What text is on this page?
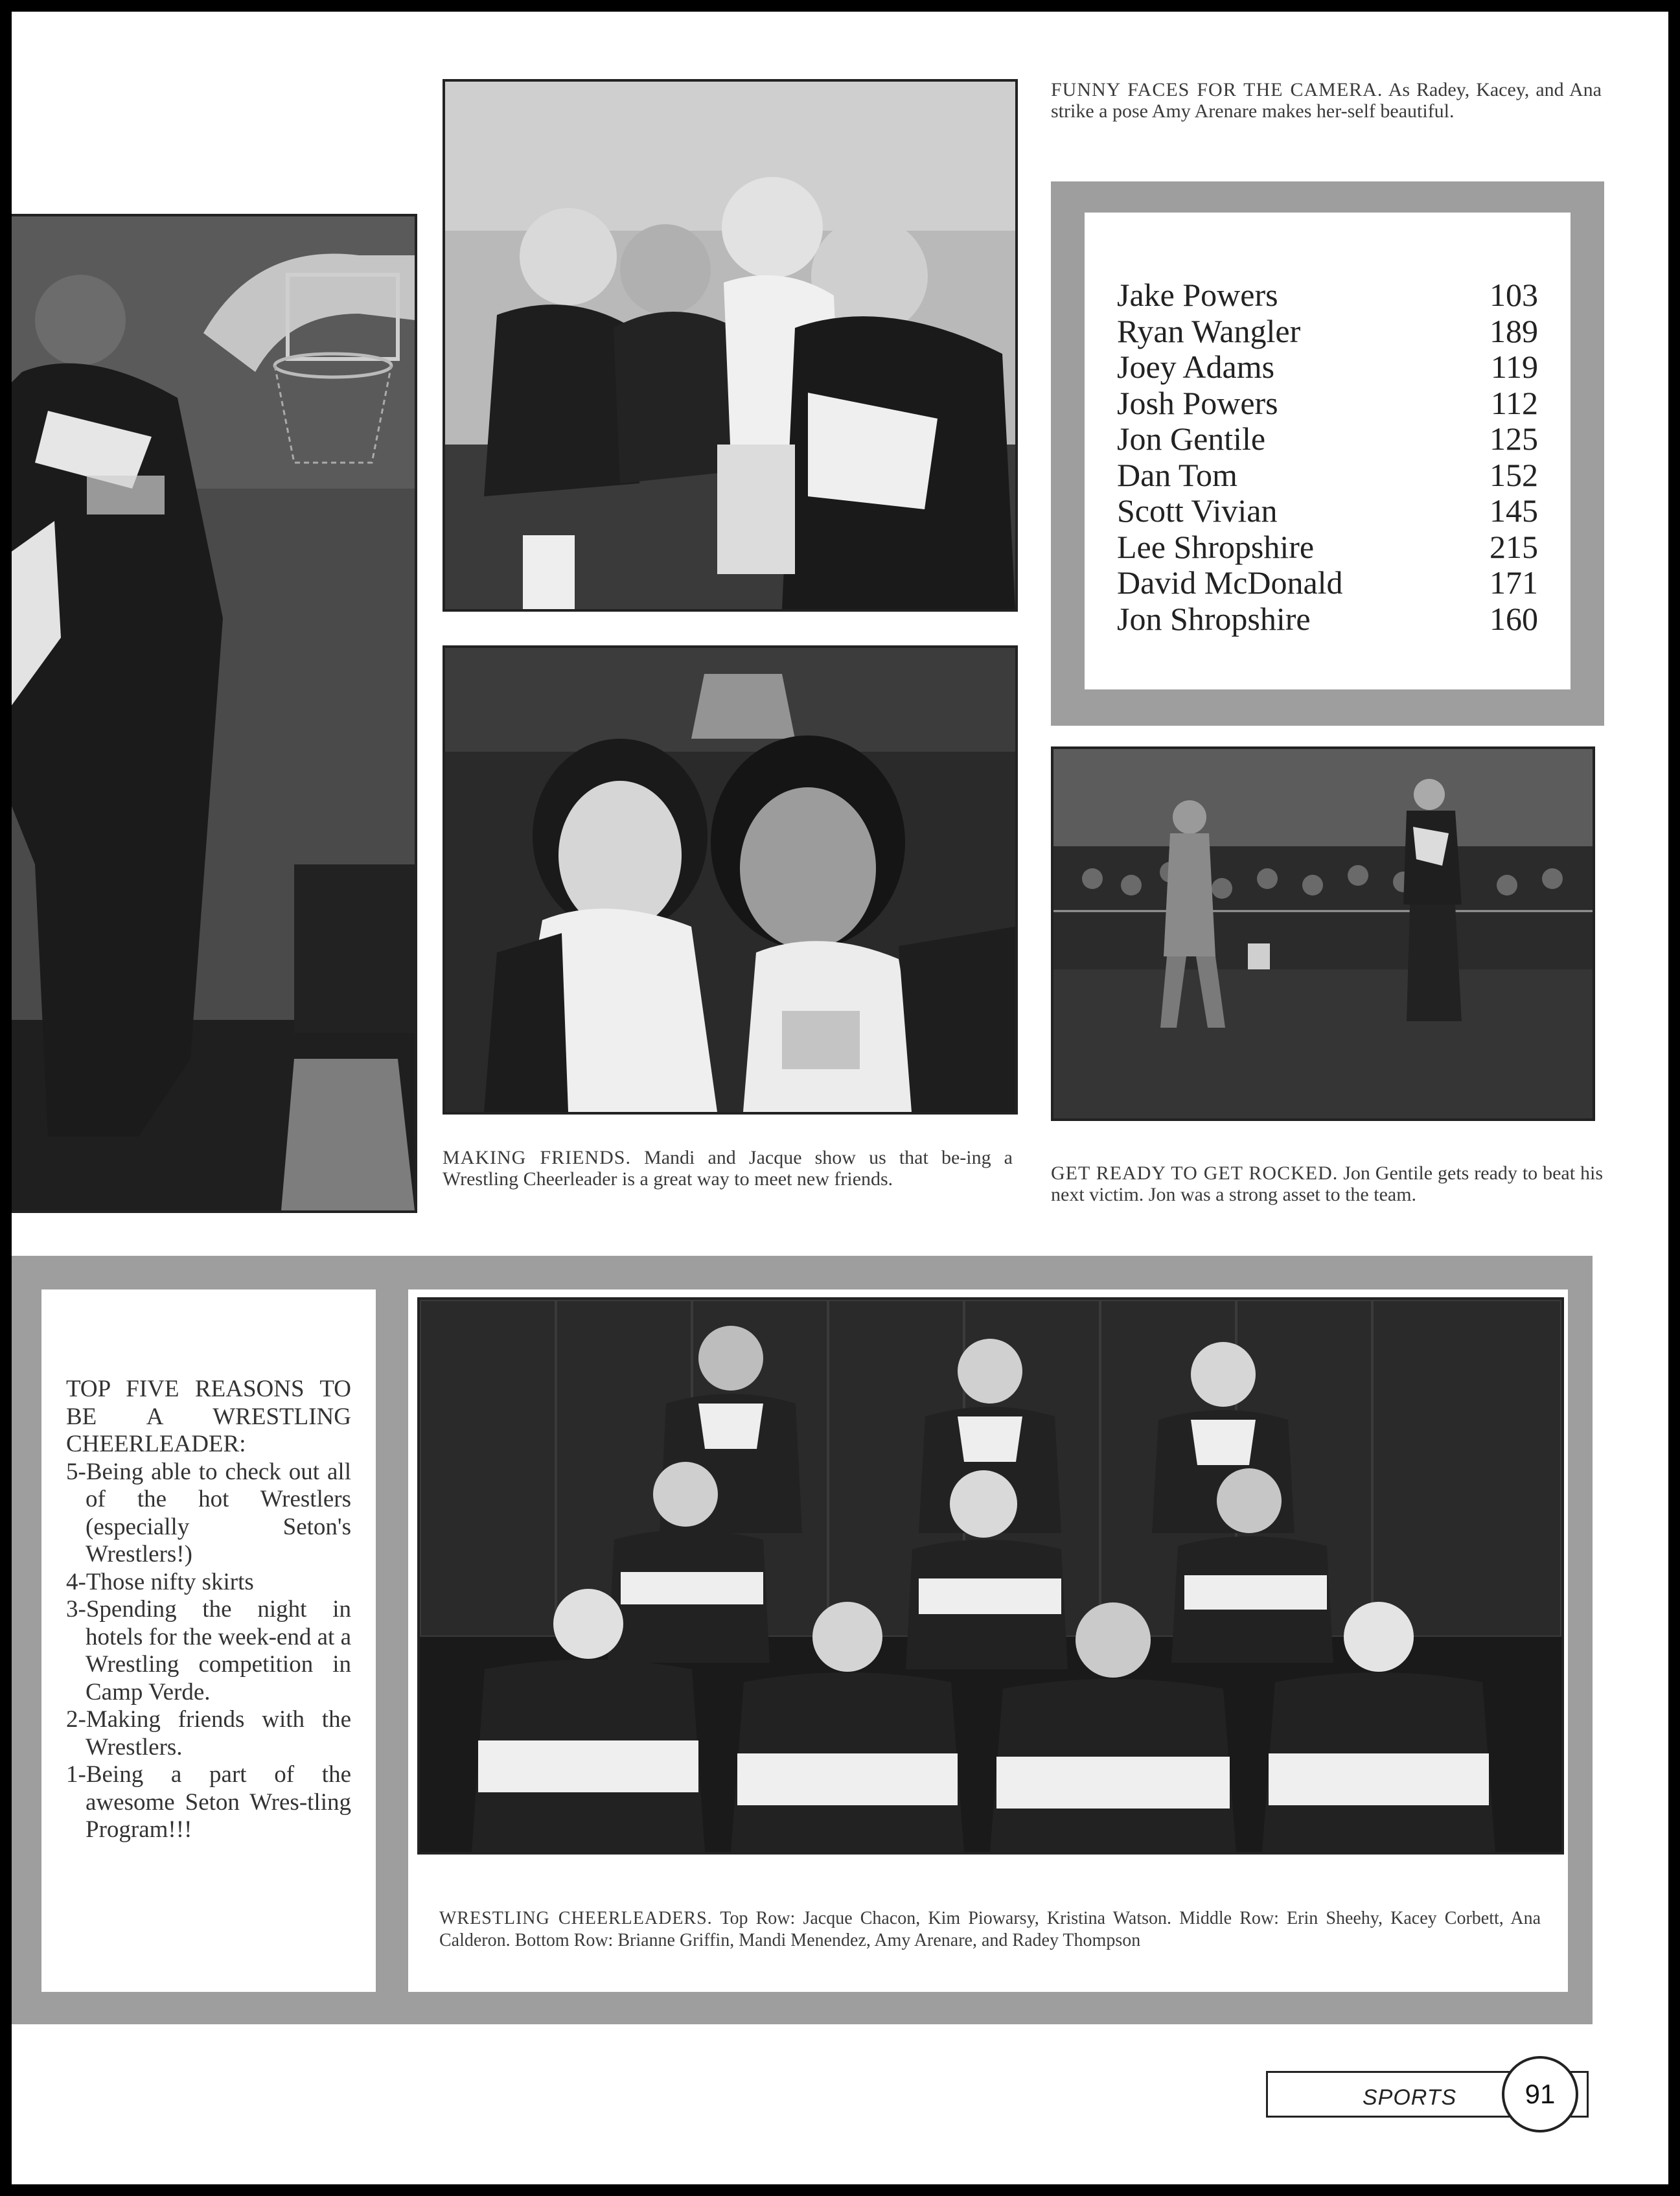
FUNNY FACES FOR THE CAMERA. As Radey, Kacey, and Ana strike a pose Amy Arenare makes her-self beautiful.

Jake Powers	103
Ryan Wangler	189
Joey Adams	119
Josh Powers	112
Jon Gentile	125
Dan Tom	152
Scott Vivian	145
Lee Shropshire	215
David McDonald	171
Jon Shropshire	160

MAKING FRIENDS. Mandi and Jacque show us that be-ing a Wrestling Cheerleader is a great way to meet new friends.	GET READY TO GET ROCKED. Jon Gentile gets ready to beat his next victim. Jon was a strong asset to the team.

TOP FIVE REASONS TO BE A WRESTLING CHEERLEADER:

5-Being able to check out all of the hot Wrestlers (especially Seton's Wrestlers!)
4-Those nifty skirts
3-Spending the night in hotels for the week-end at a Wrestling competition in Camp Verde.
2-Making friends with the Wrestlers.
1-Being a part of the awesome Seton Wres-tling Program!!!

WRESTLING CHEERLEADERS. Top Row: Jacque Chacon, Kim Piowarsy, Kristina Watson. Middle Row: Erin Sheehy, Kacey Corbett, Ana Calderon. Bottom Row: Brianne Griffin, Mandi Menendez, Amy Arenare, and Radey Thompson

SPORTS	91
